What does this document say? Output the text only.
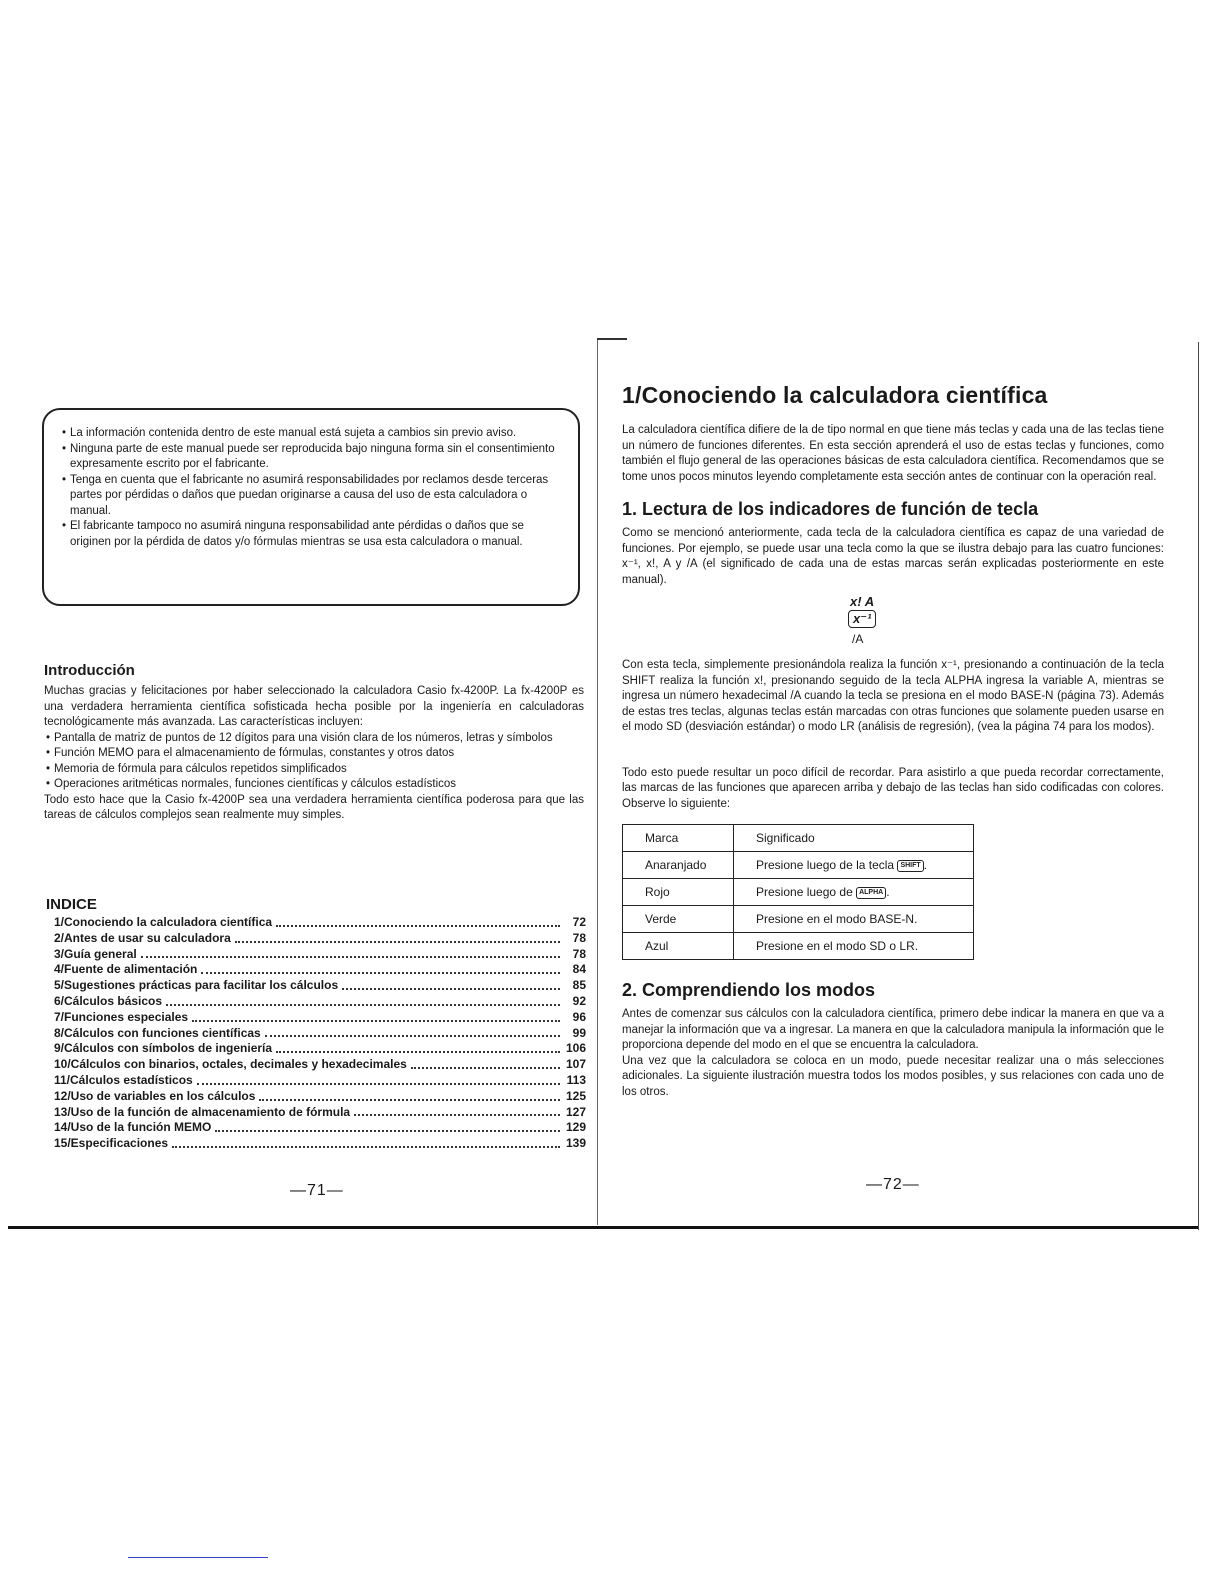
• La información contenida dentro de este manual está sujeta a cambios sin previo aviso.
• Ninguna parte de este manual puede ser reproducida bajo ninguna forma sin el consentimiento expresamente escrito por el fabricante.
• Tenga en cuenta que el fabricante no asumirá responsabilidades por reclamos desde terceras partes por pérdidas o daños que puedan originarse a causa del uso de esta calculadora o manual.
• El fabricante tampoco no asumirá ninguna responsabilidad ante pérdidas o daños que se originen por la pérdida de datos y/o fórmulas mientras se usa esta calculadora o manual.
Introducción

Muchas gracias y felicitaciones por haber seleccionado la calculadora Casio fx-4200P. La fx-4200P es una verdadera herramienta científica sofisticada hecha posible por la ingeniería en calculadoras tecnológicamente más avanzada. Las características incluyen:

• Pantalla de matriz de puntos de 12 dígitos para una visión clara de los números, letras y símbolos
• Función MEMO para el almacenamiento de fórmulas, constantes y otros datos
• Memoria de fórmula para cálculos repetidos simplificados
• Operaciones aritméticas normales, funciones científicas y cálculos estadísticos

Todo esto hace que la Casio fx-4200P sea una verdadera herramienta científica poderosa para que las tareas de cálculos complejos sean realmente muy simples.

INDICE
1/Conociendo la calculadora científica	72
2/Antes de usar su calculadora	78
3/Guía general	78
4/Fuente de alimentación	84
5/Sugestiones prácticas para facilitar los cálculos	85
6/Cálculos básicos	92
7/Funciones especiales	96
8/Cálculos con funciones científicas	99
9/Cálculos con símbolos de ingeniería	106
10/Cálculos con binarios, octales, decimales y hexadecimales	107
11/Cálculos estadísticos	113
12/Uso de variables en los cálculos	125
13/Uso de la función de almacenamiento de fórmula	127
14/Uso de la función MEMO	129
15/Especificaciones	139
—71—
1/Conociendo la calculadora científica

La calculadora científica difiere de la de tipo normal en que tiene más teclas y cada una de las teclas tiene un número de funciones diferentes. En esta sección aprenderá el uso de estas teclas y funciones, como también el flujo general de las operaciones básicas de esta calculadora científica. Recomendamos que se tome unos pocos minutos leyendo completamente esta sección antes de continuar con la operación real.

1. Lectura de los indicadores de función de tecla

Como se mencionó anteriormente, cada tecla de la calculadora científica es capaz de una variedad de funciones. Por ejemplo, se puede usar una tecla como la que se ilustra debajo para las cuatro funciones: x⁻¹, x!, A y /A (el significado de cada una de estas marcas serán explicadas posteriormente en este manual).

x! A
x⁻¹
/A

Con esta tecla, simplemente presionándola realiza la función x⁻¹, presionando a continuación de la tecla SHIFT realiza la función x!, presionando seguido de la tecla ALPHA ingresa la variable A, mientras se ingresa un número hexadecimal /A cuando la tecla se presiona en el modo BASE-N (página 73). Además de estas tres teclas, algunas teclas están marcadas con otras funciones que solamente pueden usarse en el modo SD (desviación estándar) o modo LR (análisis de regresión), (vea la página 74 para los modos).

Todo esto puede resultar un poco difícil de recordar. Para asistirlo a que pueda recordar correctamente, las marcas de las funciones que aparecen arriba y debajo de las teclas han sido codificadas con colores. Observe lo siguiente:

Marca	Significado
Anaranjado	Presione luego de la tecla SHIFT .
Rojo	Presione luego de ALPHA .
Verde	Presione en el modo BASE-N.
Azul	Presione en el modo SD o LR.
2. Comprendiendo los modos

Antes de comenzar sus cálculos con la calculadora científica, primero debe indicar la manera en que va a manejar la información que va a ingresar. La manera en que la calculadora manipula la información que le proporciona depende del modo en el que se encuentra la calculadora.

Una vez que la calculadora se coloca en un modo, puede necesitar realizar una o más selecciones adicionales. La siguiente ilustración muestra todos los modos posibles, y sus relaciones con cada uno de los otros.

—72—
